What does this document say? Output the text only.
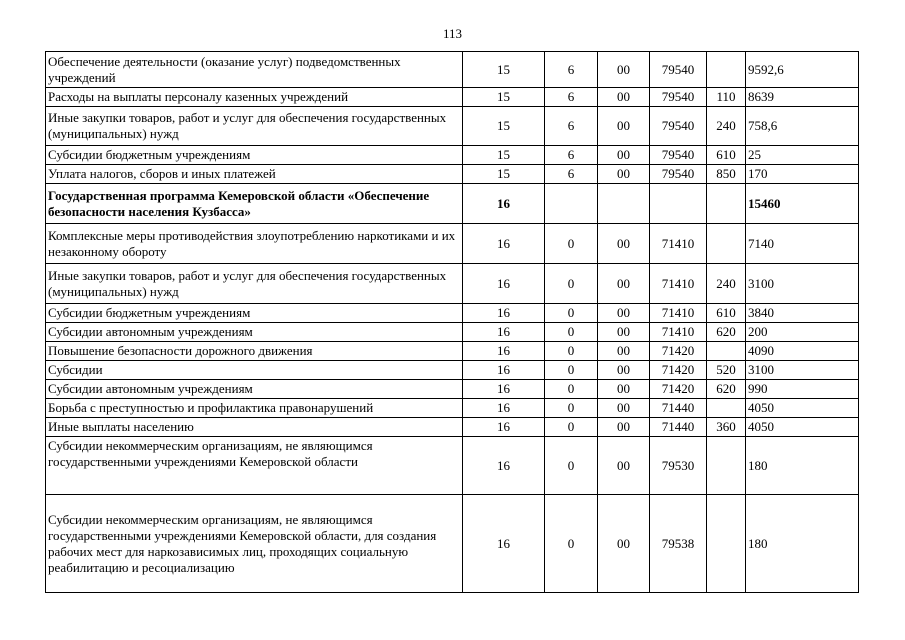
113
Обеспечение деятельности (оказание услуг) подведомственных учреждений	15	6	00	79540		9592,6
Расходы на выплаты персоналу казенных учреждений	15	6	00	79540	110	8639
Иные закупки товаров, работ и услуг для обеспечения государственных (муниципальных) нужд	15	6	00	79540	240	758,6
Субсидии бюджетным учреждениям	15	6	00	79540	610	25
Уплата налогов, сборов и иных платежей	15	6	00	79540	850	170
Государственная программа Кемеровской области «Обеспечение безопасности населения Кузбасса»	16					15460
Комплексные меры противодействия злоупотреблению наркотиками и их незаконному обороту	16	0	00	71410		7140
Иные закупки товаров, работ и услуг для обеспечения государственных (муниципальных) нужд	16	0	00	71410	240	3100
Субсидии бюджетным учреждениям	16	0	00	71410	610	3840
Субсидии автономным учреждениям	16	0	00	71410	620	200
Повышение безопасности дорожного движения	16	0	00	71420		4090
Субсидии	16	0	00	71420	520	3100
Субсидии автономным учреждениям	16	0	00	71420	620	990
Борьба с преступностью и профилактика правонарушений	16	0	00	71440		4050
Иные выплаты населению	16	0	00	71440	360	4050
Субсидии некоммерческим организациям, не являющимся государственными учреждениями Кемеровской области	16	0	00	79530		180
Субсидии некоммерческим организациям, не являющимся государственными учреждениями Кемеровской области, для создания рабочих мест для наркозависимых лиц, проходящих социальную реабилитацию и ресоциализацию	16	0	00	79538		180
